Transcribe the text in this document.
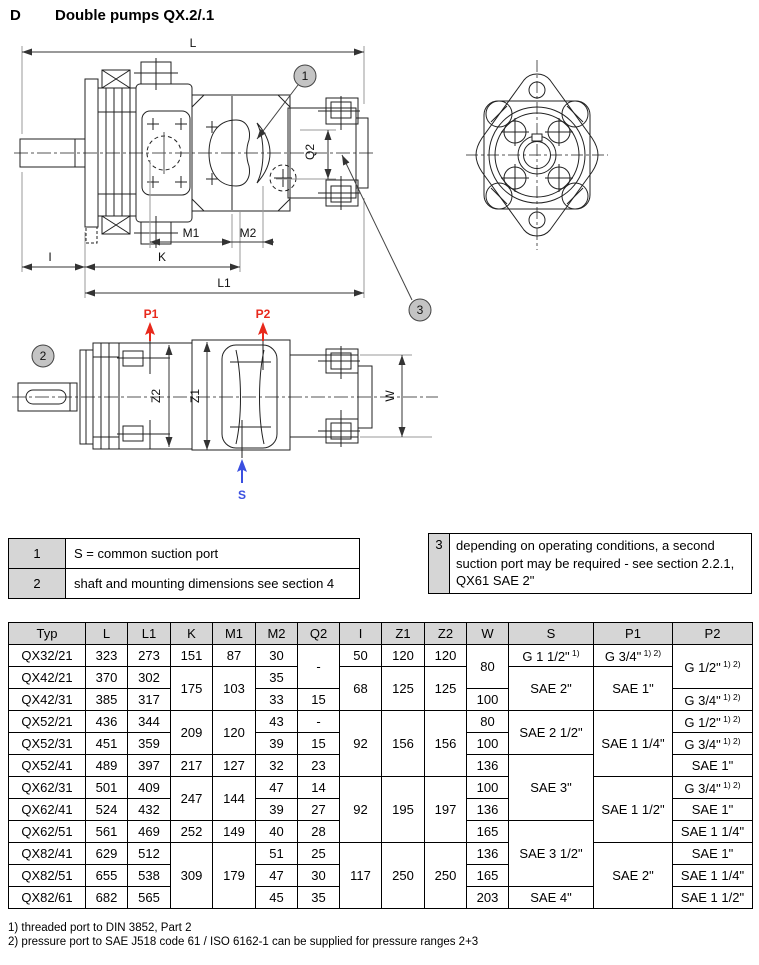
D Double pumps QX.2/.1
L
I	K
L1
M1	M2
Q2
1
3
Z2 Z1	W
P1	P2
S
2
1	S = common suction port
2	shaft and mounting dimensions see section 4
3	depending on operating conditions, a second suction port may be required - see section 2.2.1, QX61 SAE 2"
Typ	L	L1	K	M1	M2	Q2	I	Z1	Z2	W	S	P1	P2
QX32/21	323	273	151	87	30	-	50	120	120	80	G 1 1/2" $^{1)}$	G 3/4" $^{1) 2)}$	G 1/2" $^{1) 2)}$
QX42/21	370	302	175	103	35		68	125	125		SAE 2"	SAE 1"	
QX42/31	385	317			33	15				100			G 3/4" $^{1) 2)}$
QX52/21	436	344	209	120	43	-	92	156	156	80	SAE 2 1/2"	SAE 1 1/4"	G 1/2" $^{1) 2)}$
QX52/31	451	359			39	15				100			G 3/4" $^{1) 2)}$
QX52/41	489	397	217	127	32	23				136	SAE 3"		SAE 1"
QX62/31	501	409	247	144	47	14	92	195	197	100		SAE 1 1/2"	G 3/4" $^{1) 2)}$
QX62/41	524	432			39	27				136			SAE 1"
QX62/51	561	469	252	149	40	28				165	SAE 3 1/2"		SAE 1 1/4"
QX82/41	629	512	309	179	51	25	117	250	250	136		SAE 2"	SAE 1"
QX82/51	655	538			47	30				165			SAE 1 1/4"
QX82/61	682	565			45	35				203	SAE 4"		SAE 1 1/2"
1) threaded port to DIN 3852, Part 2
2) pressure port to SAE J518 code 61 / ISO 6162-1 can be supplied for pressure ranges 2+3
